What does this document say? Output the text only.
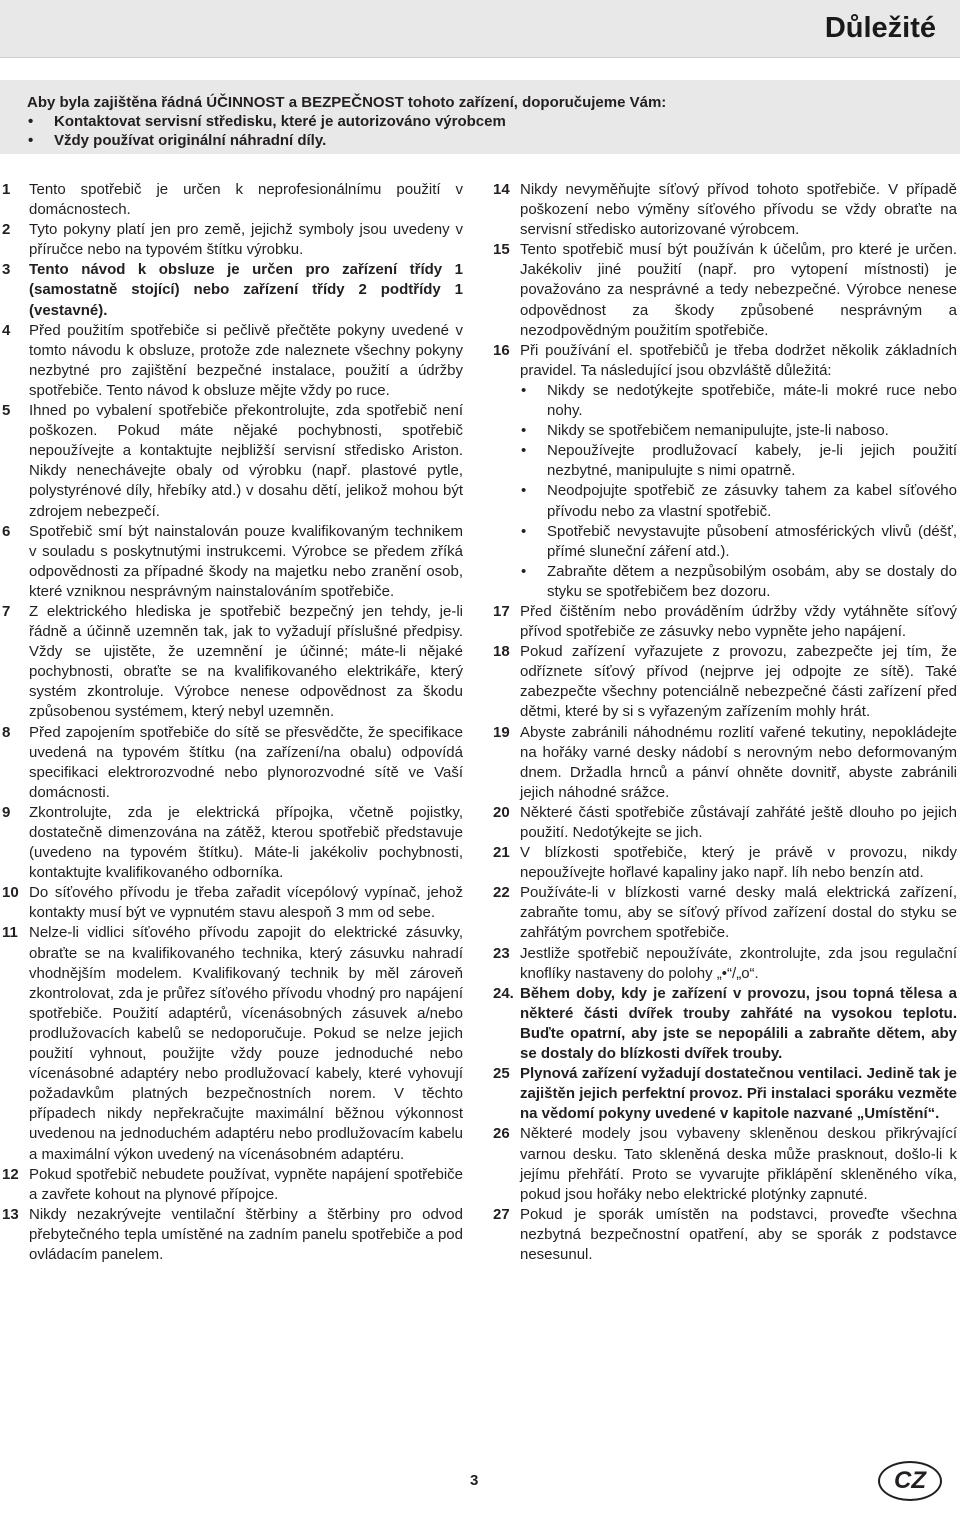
Důležité
Aby byla zajištěna řádná ÚČINNOST a BEZPEČNOST tohoto zařízení, doporučujeme Vám:
• Kontaktovat servisní středisku, které je autorizováno výrobcem
• Vždy používat originální náhradní díly.

1	Tento spotřebič je určen k neprofesionálnímu použití v domácnostech.

2	Tyto pokyny platí jen pro země, jejichž symboly jsou uvedeny v příručce nebo na typovém štítku výrobku.

3	Tento návod k obsluze je určen pro zařízení třídy 1 (samostatně stojící) nebo zařízení třídy 2 podtřídy 1 (vestavné).

4	Před použitím spotřebiče si pečlivě přečtěte pokyny uvedené v tomto návodu k obsluze, protože zde naleznete všechny pokyny nezbytné pro zajištění bezpečné instalace, použití a údržby spotřebiče. Tento návod k obsluze mějte vždy po ruce.

5	Ihned po vybalení spotřebiče překontrolujte, zda spotřebič není poškozen. Pokud máte nějaké pochybnosti, spotřebič nepoužívejte a kontaktujte nejbližší servisní středisko Ariston. Nikdy nenechávejte obaly od výrobku (např. plastové pytle, polystyrénové díly, hřebíky atd.) v dosahu dětí, jelikož mohou být zdrojem nebezpečí.

6	Spotřebič smí být nainstalován pouze kvalifikovaným technikem v souladu s poskytnutými instrukcemi. Výrobce se předem zříká odpovědnosti za případné škody na majetku nebo zranění osob, které vzniknou nesprávným nainstalováním spotřebiče.

7	Z elektrického hlediska je spotřebič bezpečný jen tehdy, je-li řádně a účinně uzemněn tak, jak to vyžadují příslušné předpisy. Vždy se ujistěte, že uzemnění je účinné; máte-li nějaké pochybnosti, obraťte se na kvalifikovaného elektrikáře, který systém zkontroluje. Výrobce nenese odpovědnost za škodu způsobenou systémem, který nebyl uzemněn.

8	Před zapojením spotřebiče do sítě se přesvědčte, že specifikace uvedená na typovém štítku (na zařízení/na obalu) odpovídá specifikaci elektrorozvodné nebo plynorozvodné sítě ve Vaší domácnosti.

9	Zkontrolujte, zda je elektrická přípojka, včetně pojistky, dostatečně dimenzována na zátěž, kterou spotřebič představuje (uvedeno na typovém štítku). Máte-li jakékoliv pochybnosti, kontaktujte kvalifikovaného odborníka.

10 Do síťového přívodu je třeba zařadit vícepólový vypínač, jehož kontakty musí být ve vypnutém stavu alespoň 3 mm od sebe.

11 Nelze-li vidlici síťového přívodu zapojit do elektrické zásuvky, obraťte se na kvalifikovaného technika, který zásuvku nahradí vhodnějším modelem. Kvalifikovaný technik by měl zároveň zkontrolovat, zda je průřez síťového přívodu vhodný pro napájení spotřebiče. Použití adaptérů, vícenásobných zásuvek a/nebo prodlužovacích kabelů se nedoporučuje. Pokud se nelze jejich použití vyhnout, použijte vždy pouze jednoduché nebo vícenásobné adaptéry nebo prodlužovací kabely, které vyhovují požadavkům platných bezpečnostních norem. V těchto případech nikdy nepřekračujte maximální běžnou výkonnost uvedenou na jednoduchém adaptéru nebo prodlužovacím kabelu a maximální výkon uvedený na vícenásobném adaptéru.

12 Pokud spotřebič nebudete používat, vypněte napájení spotřebiče a zavřete kohout na plynové přípojce.

13 Nikdy nezakrývejte ventilační štěrbiny a štěrbiny pro odvod přebytečného tepla umístěné na zadním panelu spotřebiče a pod ovládacím panelem.

14 Nikdy nevyměňujte síťový přívod tohoto spotřebiče. V případě poškození nebo výměny síťového přívodu se vždy obraťte na servisní středisko autorizované výrobcem.

15 Tento spotřebič musí být používán k účelům, pro které je určen. Jakékoliv jiné použití (např. pro vytopení místnosti) je považováno za nesprávné a tedy nebezpečné. Výrobce nenese odpovědnost za škody způsobené nesprávným a nezodpovědným použitím spotřebiče.

16 Při používání el. spotřebičů je třeba dodržet několik základních pravidel. Ta následující jsou obzvláště důležitá:
• Nikdy se nedotýkejte spotřebiče, máte-li mokré ruce nebo nohy.
• Nikdy se spotřebičem nemanipulujte, jste-li naboso.
• Nepoužívejte prodlužovací kabely, je-li jejich použití nezbytné, manipulujte s nimi opatrně.
• Neodpojujte spotřebič ze zásuvky tahem za kabel síťového přívodu nebo za vlastní spotřebič.
• Spotřebič nevystavujte působení atmosférických vlivů (déšť, přímé sluneční záření atd.).
• Zabraňte dětem a nezpůsobilým osobám, aby se dostaly do styku se spotřebičem bez dozoru.

17 Před čištěním nebo prováděním údržby vždy vytáhněte síťový přívod spotřebiče ze zásuvky nebo vypněte jeho napájení.

18 Pokud zařízení vyřazujete z provozu, zabezpečte jej tím, že odříznete síťový přívod (nejprve jej odpojte ze sítě). Také zabezpečte všechny potenciálně nebezpečné části zařízení před dětmi, které by si s vyřazeným zařízením mohly hrát.

19 Abyste zabránili náhodnému rozlití vařené tekutiny, nepokládejte na hořáky varné desky nádobí s nerovným nebo deformovaným dnem. Držadla hrnců a pánví ohněte dovnitř, abyste zabránili jejich náhodné srážce.

20 Některé části spotřebiče zůstávají zahřáté ještě dlouho po jejich použití. Nedotýkejte se jich.

21 V blízkosti spotřebiče, který je právě v provozu, nikdy nepoužívejte hořlavé kapaliny jako např. líh nebo benzín atd.

22 Používáte-li v blízkosti varné desky malá elektrická zařízení, zabraňte tomu, aby se síťový přívod zařízení dostal do styku se zahřátým povrchem spotřebiče.

23 Jestliže spotřebič nepoužíváte, zkontrolujte, zda jsou regulační knoflíky nastaveny do polohy „•“/„o“.

24. Během doby, kdy je zařízení v provozu, jsou topná tělesa a některé části dvířek trouby zahřáté na vysokou teplotu. Buďte opatrní, aby jste se nepopálili a zabraňte dětem, aby se dostaly do blízkosti dvířek trouby.

25 Plynová zařízení vyžadují dostatečnou ventilaci. Jedině tak je zajištěn jejich perfektní provoz. Při instalaci sporáku vezměte na vědomí pokyny uvedené v kapitole nazvané „Umístění“.

26 Některé modely jsou vybaveny skleněnou deskou přikrývající varnou desku. Tato skleněná deska může prasknout, došlo-li k jejímu přehřátí. Proto se vyvarujte přiklápění skleněného víka, pokud jsou hořáky nebo elektrické plotýnky zapnuté.

27 Pokud je sporák umístěn na podstavci, proveďte všechna nezbytná bezpečnostní opatření, aby se sporák z podstavce nesesunul.

3	CZ
